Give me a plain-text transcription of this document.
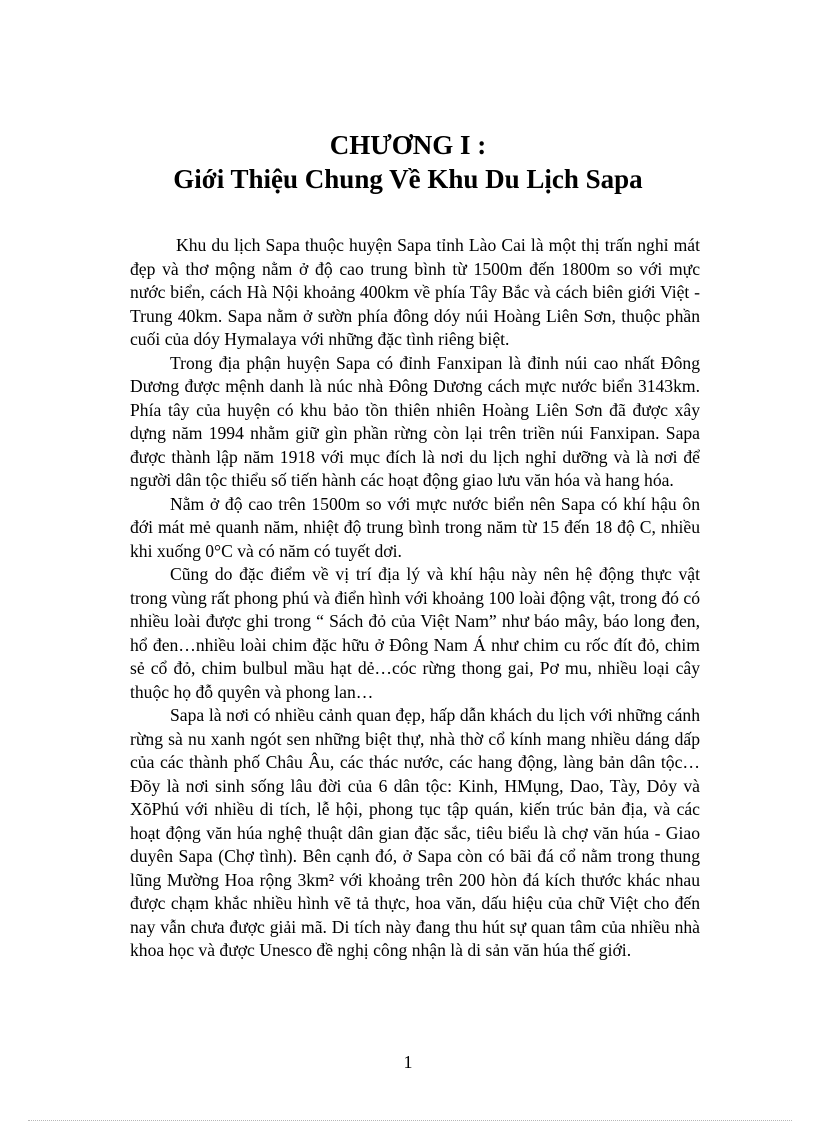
CHƯƠNG I :
Giới Thiệu Chung Về Khu Du Lịch Sapa

Khu du lịch Sapa thuộc huyện Sapa tỉnh Lào Cai là một thị trấn nghỉ mát đẹp và thơ mộng nằm ở độ cao trung bình từ 1500m đến 1800m so với mực nước biển, cách Hà Nội khoảng 400km về phía Tây Bắc và cách biên giới Việt - Trung 40km. Sapa nằm ở sườn phía đông dóy núi Hoàng Liên Sơn, thuộc phần cuối của dóy Hymalaya với những đặc tình riêng biệt.

Trong địa phận huyện Sapa có đỉnh Fanxipan là đỉnh núi cao nhất Đông Dương được mệnh danh là núc nhà Đông Dương cách mực nước biển 3143km. Phía tây của huyện có khu bảo tồn thiên nhiên Hoàng Liên Sơn đã được xây dựng năm 1994 nhằm giữ gìn phần rừng còn lại trên triền núi Fanxipan. Sapa được thành lập năm 1918 với mục đích là nơi du lịch nghỉ dưỡng và là nơi để người dân tộc thiểu số tiến hành các hoạt động giao lưu văn hóa và hang hóa.

Nằm ở độ cao trên 1500m so với mực nước biển nên Sapa có khí hậu ôn đới mát mẻ quanh năm, nhiệt độ trung bình trong năm từ 15 đến 18 độ C, nhiều khi xuống 0°C và có năm có tuyết dơi.

Cũng do đặc điểm về vị trí địa lý và khí hậu này nên hệ động thực vật trong vùng rất phong phú và điển hình với khoảng 100 loài động vật, trong đó có nhiều loài được ghi trong “ Sách đỏ của Việt Nam” như báo mây, báo long đen, hổ đen…nhiều loài chim đặc hữu ở Đông Nam Á như chim cu rốc đít đỏ, chim sẻ cổ đỏ, chim bulbul mầu hạt dẻ…cóc rừng thong gai, Pơ mu, nhiều loại cây thuộc họ đỗ quyên và phong lan…

Sapa là nơi có nhiều cảnh quan đẹp, hấp dẫn khách du lịch với những cánh rừng sà nu xanh ngót sen những biệt thự, nhà thờ cổ kính mang nhiều dáng dấp của các thành phố Châu Âu, các thác nước, các hang động, làng bản dân tộc…Đõy là nơi sinh sống lâu đời của 6 dân tộc: Kinh, HMụng, Dao, Tày, Dỏy và XõPhú với nhiều di tích, lễ hội, phong tục tập quán, kiến trúc bản địa, và các hoạt động văn húa nghệ thuật dân gian đặc sắc, tiêu biểu là chợ văn húa - Giao duyên Sapa (Chợ tình). Bên cạnh đó, ở Sapa còn có bãi đá cổ nằm trong thung lũng Mường Hoa rộng 3km² với khoảng trên 200 hòn đá kích thước khác nhau được chạm khắc nhiều hình vẽ tả thực, hoa văn, dấu hiệu của chữ Việt cho đến nay vẫn chưa được giải mã. Di tích này đang thu hút sự quan tâm của nhiều nhà khoa học và được Unesco đề nghị công nhận là di sản văn húa thế giới.

1
